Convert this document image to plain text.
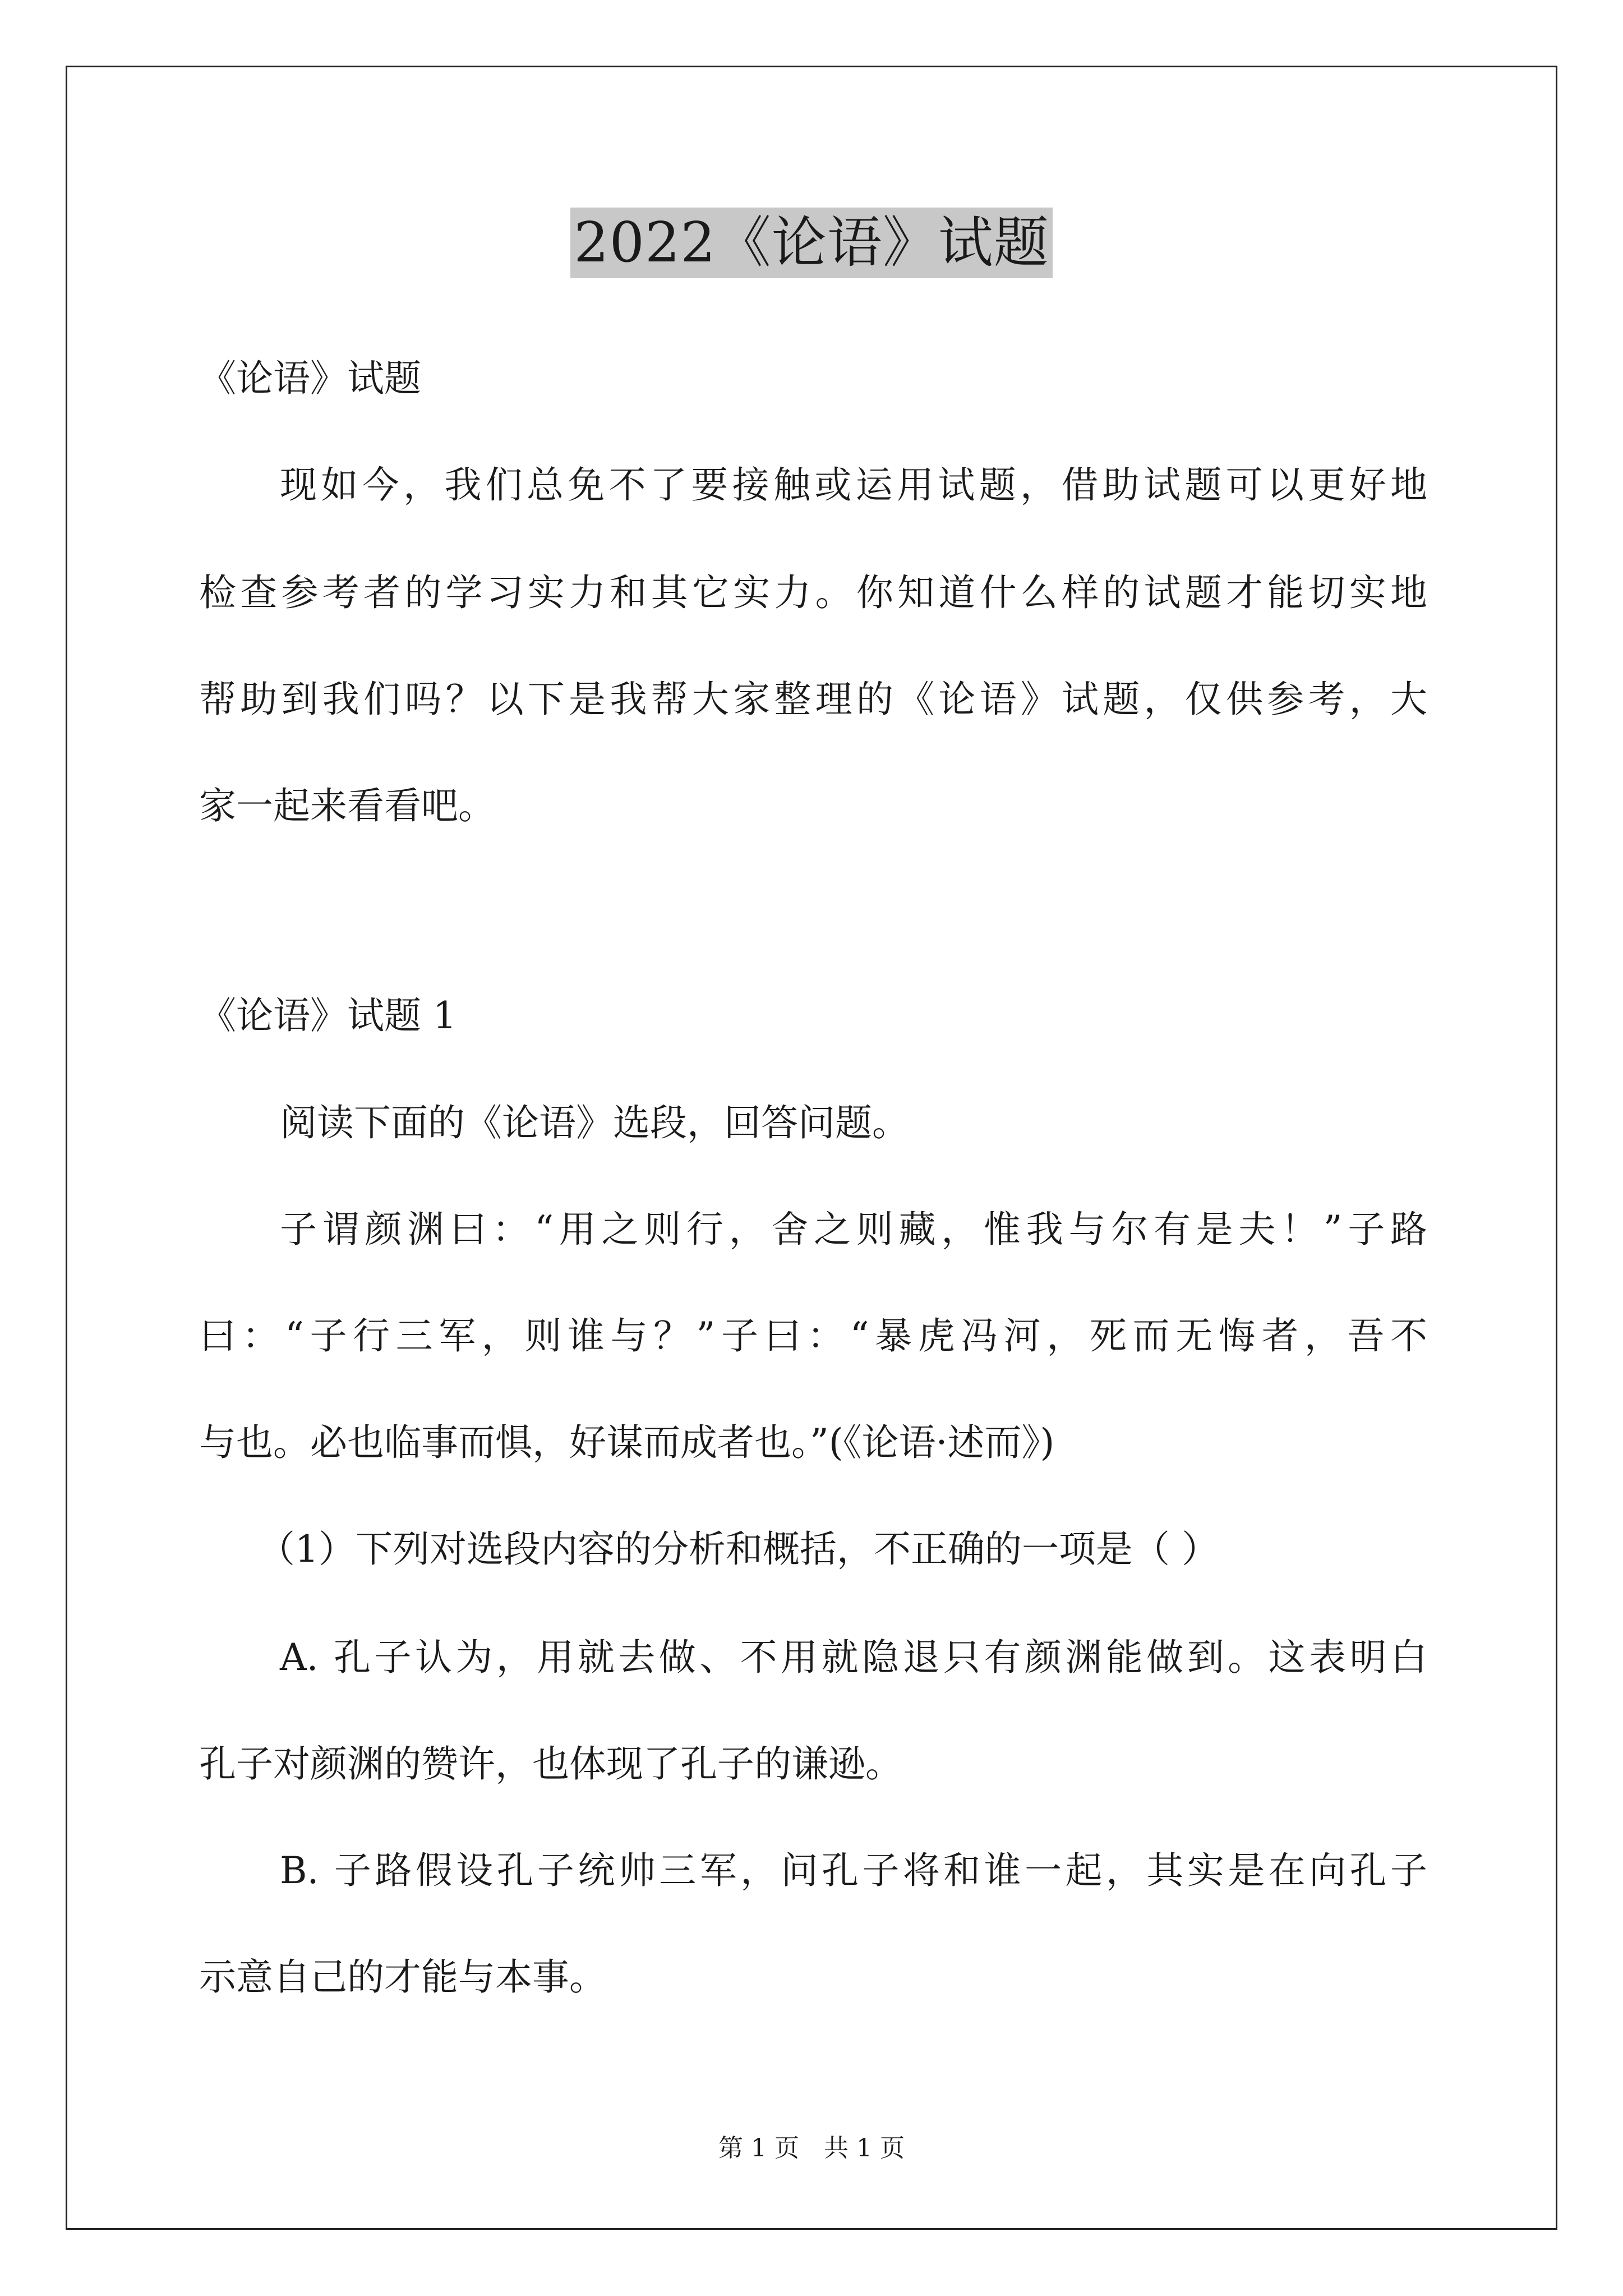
2022《论语》试题
《论语》试题
现如今，我们总免不了要接触或运用试题，借助试题可以更好地
检查参考者的学习实力和其它实力。你知道什么样的试题才能切实地
帮助到我们吗？以下是我帮大家整理的《论语》试题，仅供参考，大
家一起来看看吧。
《论语》试题 1
阅读下面的《论语》选段，回答问题。
子谓颜渊曰：“用之则行，舍之则藏，惟我与尔有是夫！”子路
曰：“子行三军，则谁与？”子曰：“暴虎冯河，死而无悔者，吾不
与也。必也临事而惧，好谋而成者也。”(《论语·述而》)
（1）下列对选段内容的分析和概括，不正确的一项是（ ）
A. 孔子认为，用就去做、不用就隐退只有颜渊能做到。这表明白
孔子对颜渊的赞许，也体现了孔子的谦逊。
B. 子路假设孔子统帅三军，问孔子将和谁一起，其实是在向孔子
示意自己的才能与本事。
第 1 页 共 1 页
